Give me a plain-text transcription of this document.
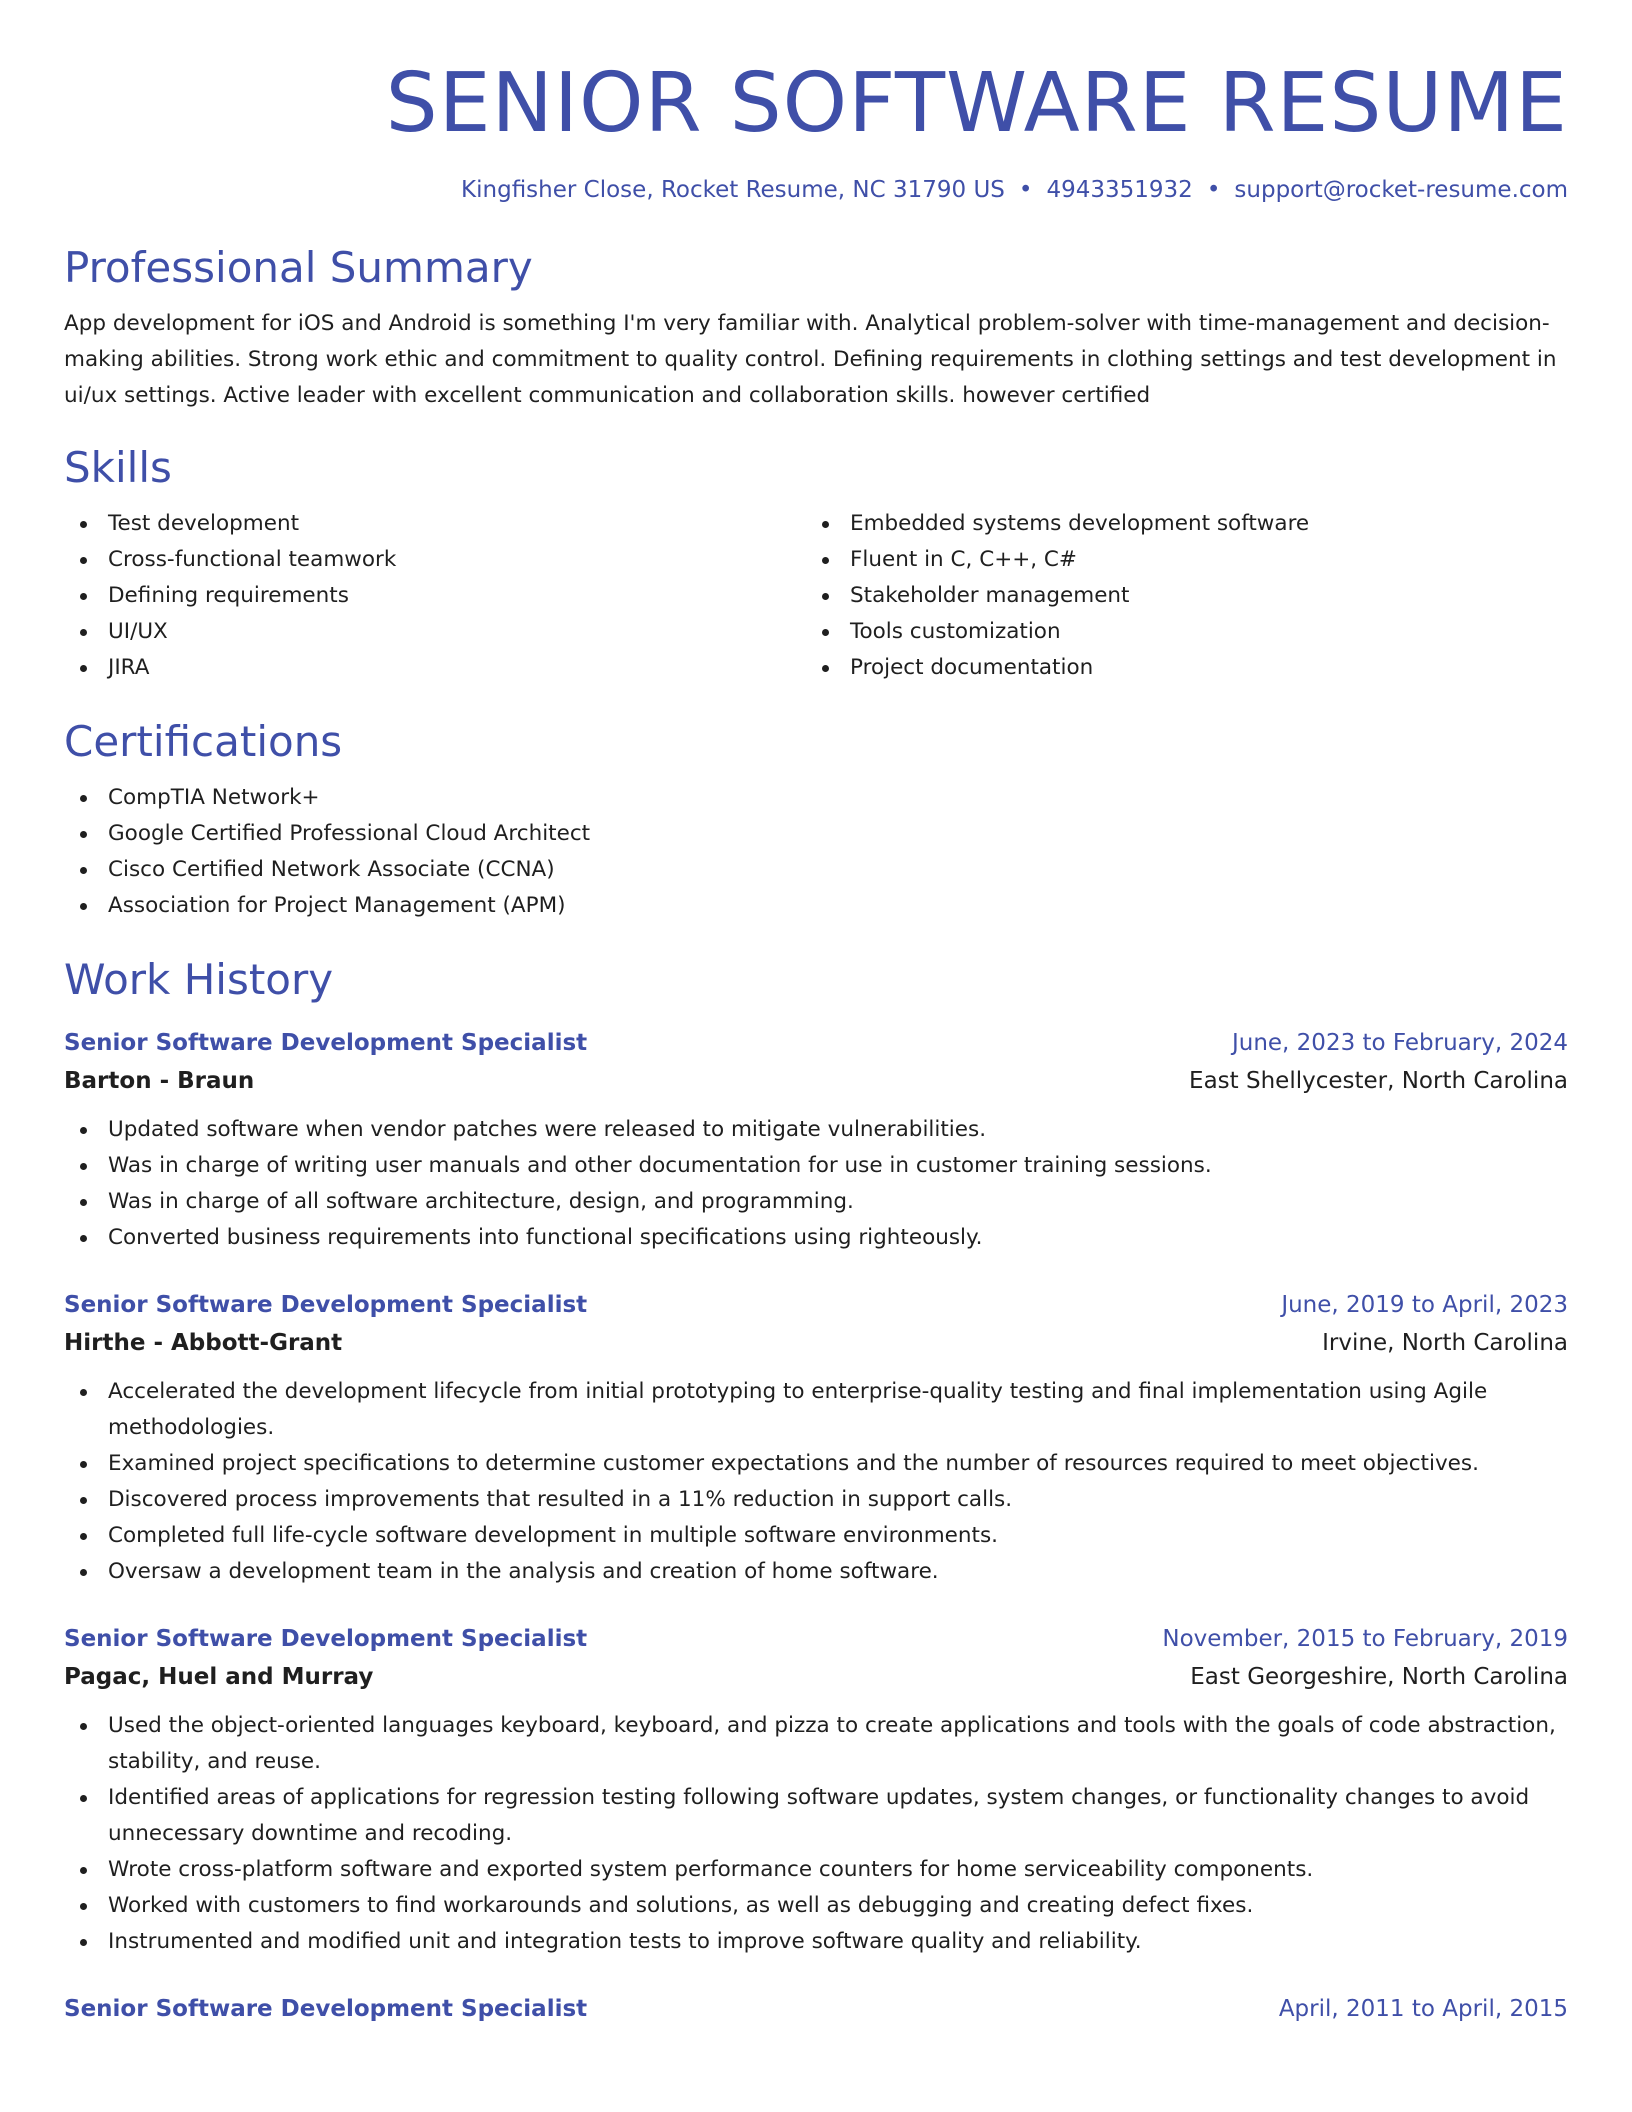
SENIOR SOFTWARE RESUME
Kingfisher Close, Rocket Resume, NC 31790 US • 4943351932 • support@rocket-resume.com
Professional Summary

App development for iOS and Android is something I'm very familiar with. Analytical problem-solver with time-management and decision-making abilities. Strong work ethic and commitment to quality control. Defining requirements in clothing settings and test development in ui/ux settings. Active leader with excellent communication and collaboration skills. however certified

Skills
Test development
Cross-functional teamwork
Defining requirements
UI/UX
JIRA
Embedded systems development software
Fluent in C, C++, C#
Stakeholder management
Tools customization
Project documentation
Certifications
CompTIA Network+
Google Certified Professional Cloud Architect
Cisco Certified Network Associate (CCNA)
Association for Project Management (APM)
Work History
Senior Software Development Specialist	June, 2023 to February, 2024
Barton - Braun	East Shellycester, North Carolina
Updated software when vendor patches were released to mitigate vulnerabilities.
Was in charge of writing user manuals and other documentation for use in customer training sessions.
Was in charge of all software architecture, design, and programming.
Converted business requirements into functional specifications using righteously.
Senior Software Development Specialist	June, 2019 to April, 2023
Hirthe - Abbott-Grant	Irvine, North Carolina
Accelerated the development lifecycle from initial prototyping to enterprise-quality testing and final implementation using Agile methodologies.
Examined project specifications to determine customer expectations and the number of resources required to meet objectives.
Discovered process improvements that resulted in a 11% reduction in support calls.
Completed full life-cycle software development in multiple software environments.
Oversaw a development team in the analysis and creation of home software.
Senior Software Development Specialist	November, 2015 to February, 2019
Pagac, Huel and Murray	East Georgeshire, North Carolina
Used the object-oriented languages keyboard, keyboard, and pizza to create applications and tools with the goals of code abstraction, stability, and reuse.
Identified areas of applications for regression testing following software updates, system changes, or functionality changes to avoid unnecessary downtime and recoding.
Wrote cross-platform software and exported system performance counters for home serviceability components.
Worked with customers to find workarounds and solutions, as well as debugging and creating defect fixes.
Instrumented and modified unit and integration tests to improve software quality and reliability.
Senior Software Development Specialist	April, 2011 to April, 2015
